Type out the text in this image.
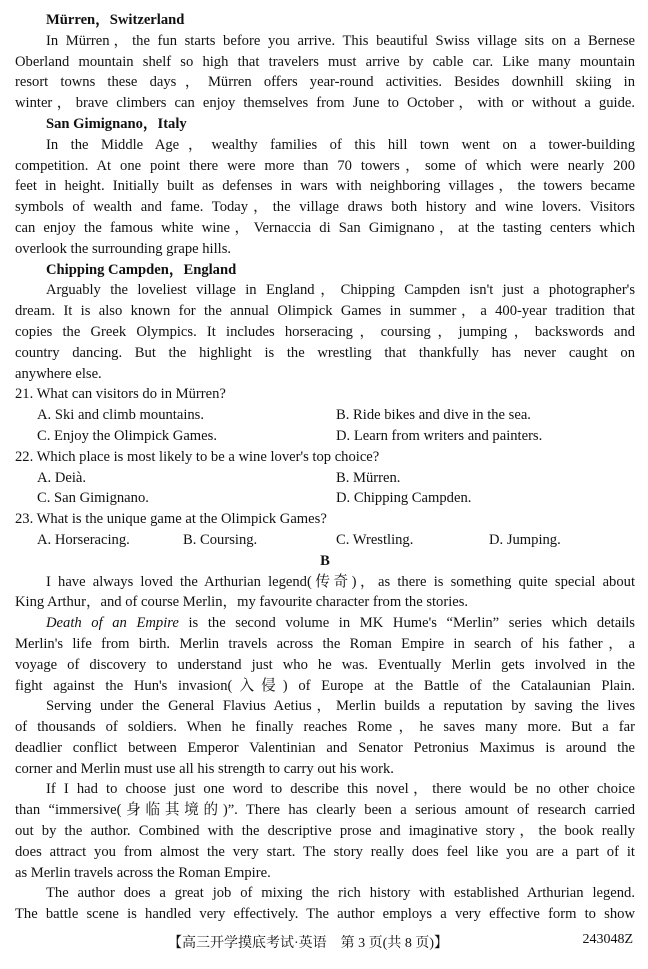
Mürren，Switzerland
In Mürren，the fun starts before you arrive. This beautiful Swiss village sits on a Bernese
Oberland mountain shelf so high that travelers must arrive by cable car. Like many mountain
resort towns these days，Mürren offers year-round activities. Besides downhill skiing in
winter，brave climbers can enjoy themselves from June to October，with or without a guide.
San Gimignano，Italy
In the Middle Age，wealthy families of this hill town went on a tower-building
competition. At one point there were more than 70 towers，some of which were nearly 200
feet in height. Initially built as defenses in wars with neighboring villages，the towers became
symbols of wealth and fame. Today，the village draws both history and wine lovers. Visitors
can enjoy the famous white wine，Vernaccia di San Gimignano，at the tasting centers which
overlook the surrounding grape hills.
Chipping Campden，England
Arguably the loveliest village in England，Chipping Campden isn't just a photographer's
dream. It is also known for the annual Olimpick Games in summer，a 400-year tradition that
copies the Greek Olympics. It includes horseracing，coursing，jumping，backswords and
country dancing. But the highlight is the wrestling that thankfully has never caught on
anywhere else.
21. What can visitors do in Mürren?
A. Ski and climb mountains.	B. Ride bikes and dive in the sea.
C. Enjoy the Olimpick Games.	D. Learn from writers and painters.
22. Which place is most likely to be a wine lover's top choice?
A. Deià.	B. Mürren.
C. San Gimignano.	D. Chipping Campden.
23. What is the unique game at the Olimpick Games?
A. Horseracing.	B. Coursing.	C. Wrestling.	D. Jumping.
B
I have always loved the Arthurian legend(传奇)，as there is something quite special about
King Arthur，and of course Merlin，my favourite character from the stories.
Death of an Empire is the second volume in MK Hume's “Merlin” series which details
Merlin's life from birth. Merlin travels across the Roman Empire in search of his father，a
voyage of discovery to understand just who he was. Eventually Merlin gets involved in the
fight against the Hun's invasion(入侵) of Europe at the Battle of the Catalaunian Plain.
Serving under the General Flavius Aetius，Merlin builds a reputation by saving the lives
of thousands of soldiers. When he finally reaches Rome，he saves many more. But a far
deadlier conflict between Emperor Valentinian and Senator Petronius Maximus is around the
corner and Merlin must use all his strength to carry out his work.
If I had to choose just one word to describe this novel，there would be no other choice
than “immersive(身临其境的)”. There has clearly been a serious amount of research carried
out by the author. Combined with the descriptive prose and imaginative story，the book really
does attract you from almost the very start. The story really does feel like you are a part of it
as Merlin travels across the Roman Empire.
The author does a great job of mixing the rich history with established Arthurian legend.
The battle scene is handled very effectively. The author employs a very effective form to show
【高三开学摸底考试·英语　第 3 页(共 8 页)】	243048Z
